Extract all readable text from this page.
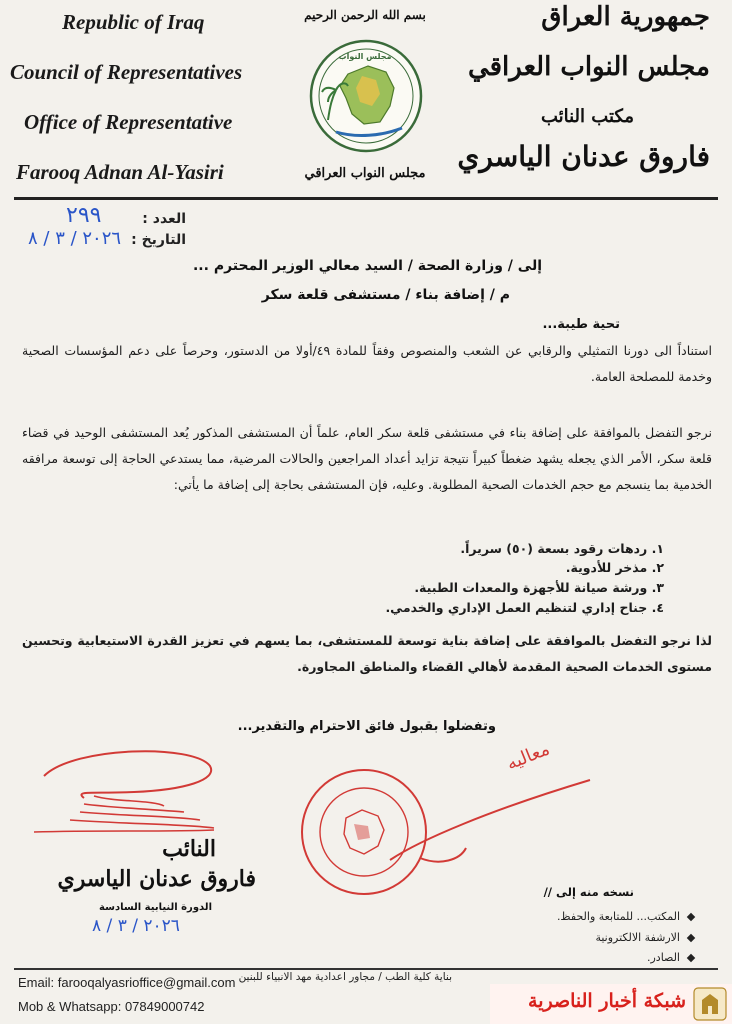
Republic of Iraq
Council of Representatives
Office of Representative
Farooq Adnan Al-Yasiri
جمهورية العراق
مجلس النواب العراقي
مكتب النائب
فاروق عدنان الياسري
بسم الله الرحمن الرحيم
مجلس النواب
مجلس النواب العراقي
العدد :
٢٩٩
التاريخ :
٢٠٢٦ / ٣ / ٨
إلى / وزارة الصحة / السيد معالي الوزير المحترم ...
م / إضافة بناء / مستشفى قلعة سكر
تحية طيبة...
استناداً الى دورنا التمثيلي والرقابي عن الشعب والمنصوص وفقاً للمادة ٤٩/أولا من الدستور، وحرصاً على دعم المؤسسات الصحية وخدمة للمصلحة العامة.
نرجو التفضل بالموافقة على إضافة بناء في مستشفى قلعة سكر العام، علماً أن المستشفى المذكور يُعد المستشفى الوحيد في قضاء قلعة سكر، الأمر الذي يجعله يشهد ضغطاً كبيراً نتيجة تزايد أعداد المراجعين والحالات المرضية، مما يستدعي الحاجة إلى توسعة مرافقه الخدمية بما ينسجم مع حجم الخدمات الصحية المطلوبة. وعليه، فإن المستشفى بحاجة إلى إضافة ما يأتي:
١. ردهات رقود بسعة (٥٠) سريراً.
٢. مذخر للأدوية.
٣. ورشة صيانة للأجهزة والمعدات الطبية.
٤. جناح إداري لتنظيم العمل الإداري والخدمي.
لذا نرجو التفضل بالموافقة على إضافة بناية توسعة للمستشفى، بما يسهم في تعزيز القدرة الاستيعابية وتحسين مستوى الخدمات الصحية المقدمة لأهالي القضاء والمناطق المجاورة.
وتفضلوا بقبول فائق الاحترام والتقدير...
النائب
فاروق عدنان الياسري
الدورة النيابية السادسة
٢٠٢٦ / ٣ / ٨
معاليه
نسخه منه إلى //
المكتب... للمتابعة والحفظ.
الارشفة الالكترونية
الصادر.
بناية كلية الطب / مجاور اعدادية مهد الانبياء للبنين
Email: farooqalyasrioffice@gmail.com
Mob & Whatsapp: 07849000742	شبكة أخبار الناصرية
